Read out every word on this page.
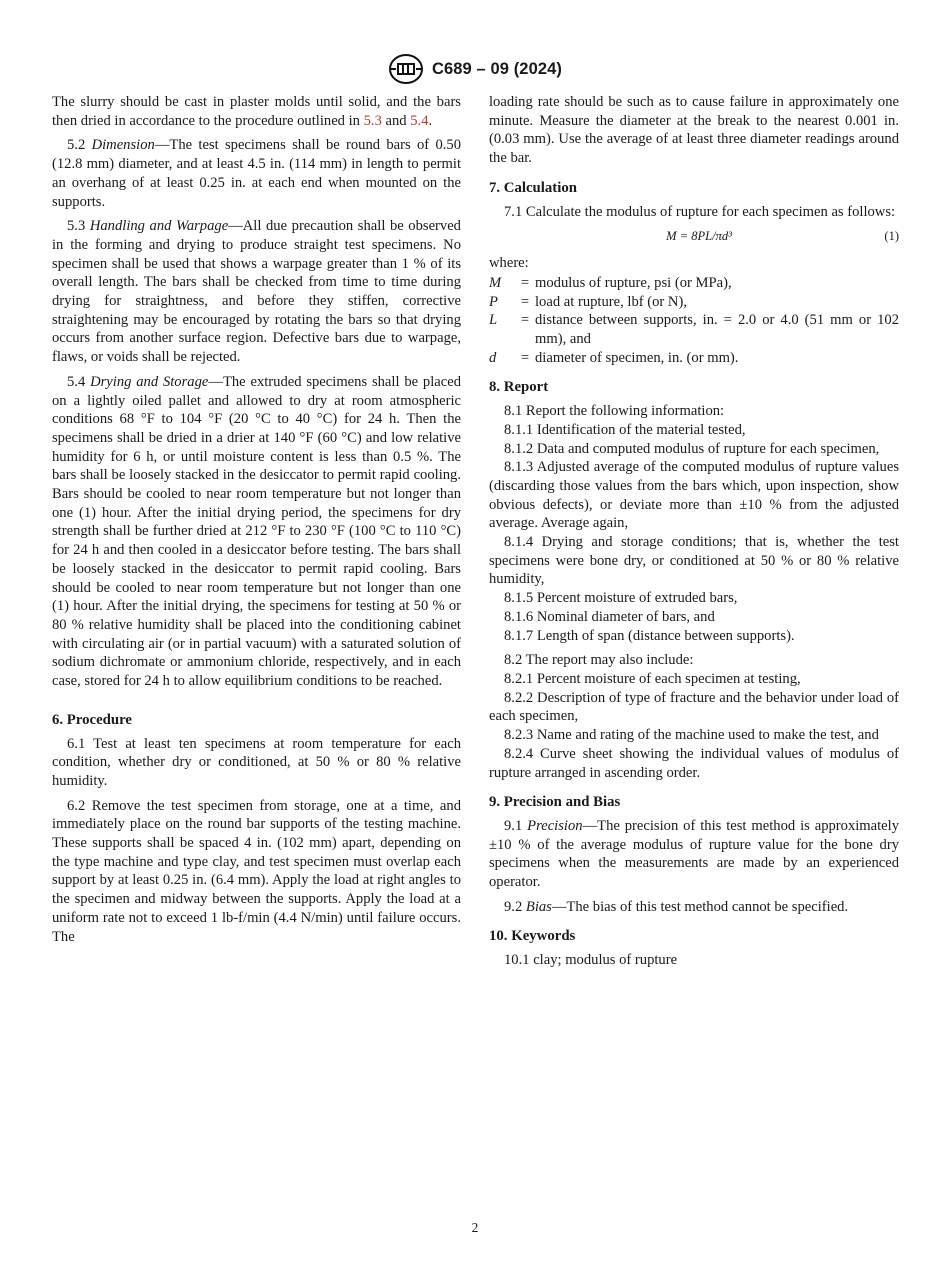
C689 – 09 (2024)

The slurry should be cast in plaster molds until solid, and the bars then dried in accordance to the procedure outlined in 5.3 and 5.4.

5.2 Dimension—The test specimens shall be round bars of 0.50 (12.8 mm) diameter, and at least 4.5 in. (114 mm) in length to permit an overhang of at least 0.25 in. at each end when mounted on the supports.

5.3 Handling and Warpage—All due precaution shall be observed in the forming and drying to produce straight test specimens. No specimen shall be used that shows a warpage greater than 1 % of its overall length. The bars shall be checked from time to time during drying for straightness, and before they stiffen, corrective straightening may be encouraged by rotating the bars so that drying occurs from another surface region. Defective bars due to warpage, flaws, or voids shall be rejected.

5.4 Drying and Storage—The extruded specimens shall be placed on a lightly oiled pallet and allowed to dry at room atmospheric conditions 68 °F to 104 °F (20 °C to 40 °C) for 24 h. Then the specimens shall be dried in a drier at 140 °F (60 °C) and low relative humidity for 6 h, or until moisture content is less than 0.5 %. The bars shall be loosely stacked in the desiccator to permit rapid cooling. Bars should be cooled to near room temperature but not longer than one (1) hour. After the initial drying period, the specimens for dry strength shall be further dried at 212 °F to 230 °F (100 °C to 110 °C) for 24 h and then cooled in a desiccator before testing. The bars shall be loosely stacked in the desiccator to permit rapid cooling. Bars should be cooled to near room temperature but not longer than one (1) hour. After the initial drying, the specimens for testing at 50 % or 80 % relative humidity shall be placed into the conditioning cabinet with circulating air (or in partial vacuum) with a saturated solution of sodium dichromate or ammonium chloride, respectively, and in each case, stored for 24 h to allow equilibrium conditions to be reached.

6. Procedure

6.1 Test at least ten specimens at room temperature for each condition, whether dry or conditioned, at 50 % or 80 % relative humidity.

6.2 Remove the test specimen from storage, one at a time, and immediately place on the round bar supports of the testing machine. These supports shall be spaced 4 in. (102 mm) apart, depending on the type machine and type clay, and test specimen must overlap each support by at least 0.25 in. (6.4 mm). Apply the load at right angles to the specimen and midway between the supports. Apply the load at a uniform rate not to exceed 1 lb-f/min (4.4 N/min) until failure occurs. The

loading rate should be such as to cause failure in approximately one minute. Measure the diameter at the break to the nearest 0.001 in. (0.03 mm). Use the average of at least three diameter readings around the bar.

7. Calculation

7.1 Calculate the modulus of rupture for each specimen as follows:

M = 8PL/πd³	(1)

where:

M	= modulus of rupture, psi (or MPa),
P	= load at rupture, lbf (or N),
L	= distance between supports, in. = 2.0 or 4.0 (51 mm or 102 mm), and
d	= diameter of specimen, in. (or mm).
8. Report

8.1 Report the following information:

8.1.1 Identification of the material tested,

8.1.2 Data and computed modulus of rupture for each specimen,

8.1.3 Adjusted average of the computed modulus of rupture values (discarding those values from the bars which, upon inspection, show obvious defects), or deviate more than ±10 % from the adjusted average. Average again,

8.1.4 Drying and storage conditions; that is, whether the test specimens were bone dry, or conditioned at 50 % or 80 % relative humidity,

8.1.5 Percent moisture of extruded bars,

8.1.6 Nominal diameter of bars, and

8.1.7 Length of span (distance between supports).

8.2 The report may also include:

8.2.1 Percent moisture of each specimen at testing,

8.2.2 Description of type of fracture and the behavior under load of each specimen,

8.2.3 Name and rating of the machine used to make the test, and

8.2.4 Curve sheet showing the individual values of modulus of rupture arranged in ascending order.

9. Precision and Bias

9.1 Precision—The precision of this test method is approximately ±10 % of the average modulus of rupture value for the bone dry specimens when the measurements are made by an experienced operator.

9.2 Bias—The bias of this test method cannot be specified.

10. Keywords

10.1 clay; modulus of rupture

2
